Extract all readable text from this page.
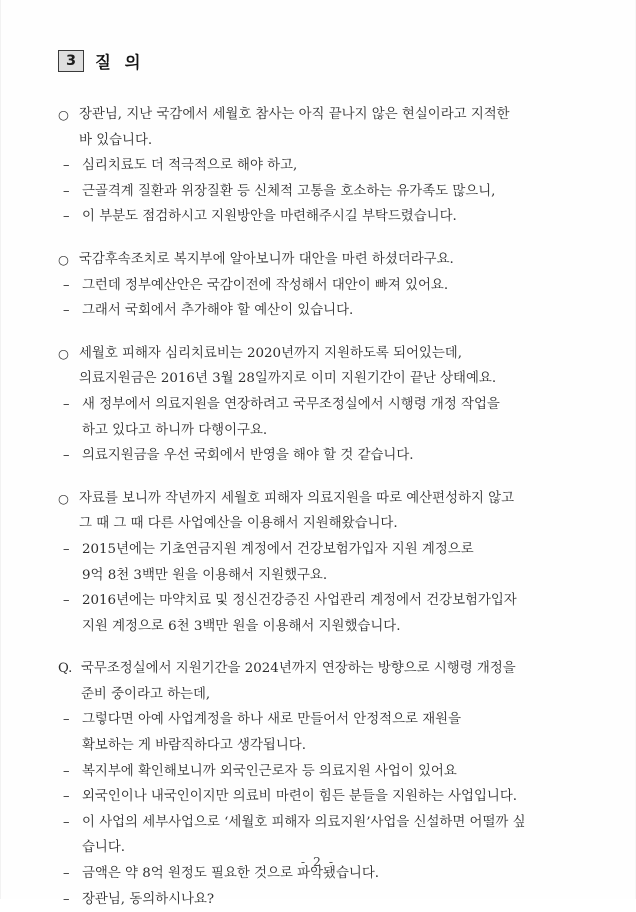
3	질 의
○ 장관님, 지난 국감에서 세월호 참사는 아직 끝나지 않은 현실이라고 지적한
바 있습니다.
– 심리치료도 더 적극적으로 해야 하고,
– 근골격계 질환과 위장질환 등 신체적 고통을 호소하는 유가족도 많으니,
– 이 부분도 점검하시고 지원방안을 마련해주시길 부탁드렸습니다.
○ 국감후속조치로 복지부에 알아보니까 대안을 마련 하셨더라구요.
– 그런데 정부예산안은 국감이전에 작성해서 대안이 빠져 있어요.
– 그래서 국회에서 추가해야 할 예산이 있습니다.
○ 세월호 피해자 심리치료비는 2020년까지 지원하도록 되어있는데,
의료지원금은 2016년 3월 28일까지로 이미 지원기간이 끝난 상태예요.
– 새 정부에서 의료지원을 연장하려고 국무조정실에서 시행령 개정 작업을
하고 있다고 하니까 다행이구요.
– 의료지원금을 우선 국회에서 반영을 해야 할 것 같습니다.
○ 자료를 보니까 작년까지 세월호 피해자 의료지원을 따로 예산편성하지 않고
그 때 그 때 다른 사업예산을 이용해서 지원해왔습니다.
– 2015년에는 기초연금지원 계정에서 건강보험가입자 지원 계정으로
9억 8천 3백만 원을 이용해서 지원했구요.
– 2016년에는 마약치료 및 정신건강증진 사업관리 계정에서 건강보험가입자
지원 계정으로 6천 3백만 원을 이용해서 지원했습니다.
Q. 국무조정실에서 지원기간을 2024년까지 연장하는 방향으로 시행령 개정을
준비 중이라고 하는데,
– 그렇다면 아예 사업계정을 하나 새로 만들어서 안정적으로 재원을
확보하는 게 바람직하다고 생각됩니다.
– 복지부에 확인해보니까 외국인근로자 등 의료지원 사업이 있어요
– 외국인이나 내국인이지만 의료비 마련이 힘든 분들을 지원하는 사업입니다.
– 이 사업의 세부사업으로 ‘세월호 피해자 의료지원’사업을 신설하면 어떨까 싶
습니다.
– 금액은 약 8억 원정도 필요한 것으로 파악됐습니다.
– 장관님, 동의하시나요?
- 2 -
